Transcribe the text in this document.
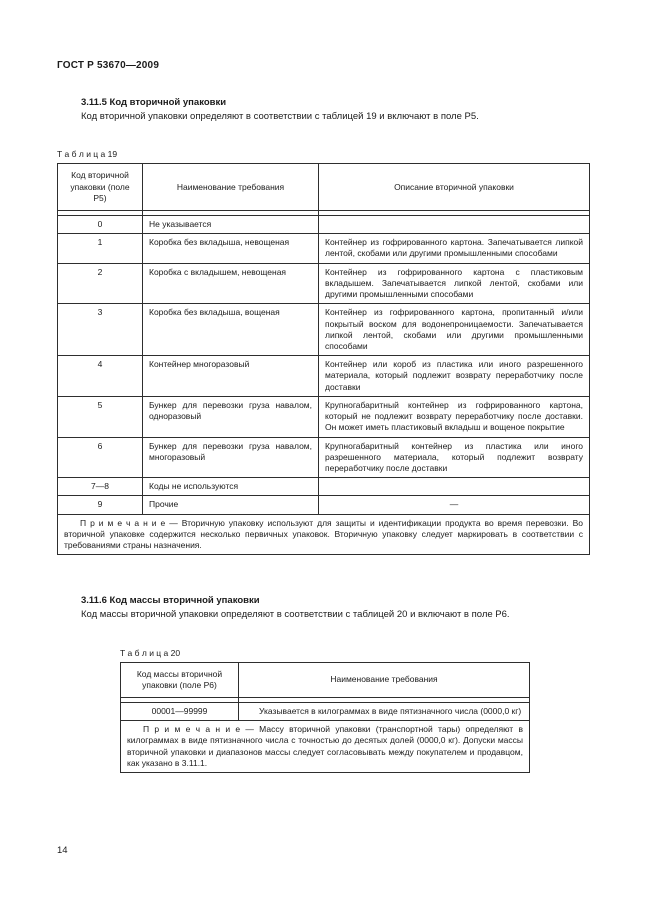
ГОСТ Р 53670—2009
3.11.5 Код вторичной упаковки
Код вторичной упаковки определяют в соответствии с таблицей 19 и включают в поле Р5.
Т а б л и ц а 19
Код вторичной упаковки (поле Р5)	Наименование требования	Описание вторичной упаковки

0	Не указывается	
1	Коробка без вкладыша, невощеная	Контейнер из гофрированного картона. Запечатывается липкой лентой, скобами или другими промышленными способами
2	Коробка с вкладышем, невощеная	Контейнер из гофрированного картона с пластиковым вкладышем. Запечатывается липкой лентой, скобами или другими промышленными способами
3	Коробка без вкладыша, вощеная	Контейнер из гофрированного картона, пропитанный и/или покрытый воском для водонепроницаемости. Запечатывается липкой лентой, скобами или другими промышленными способами
4	Контейнер многоразовый	Контейнер или короб из пластика или иного разрешенного материала, который подлежит возврату переработчику после доставки
5	Бункер для перевозки груза навалом, одноразовый	Крупногабаритный контейнер из гофрированного картона, который не подлежит возврату переработчику после доставки. Он может иметь пластиковый вкладыш и вощеное покрытие
6	Бункер для перевозки груза навалом, многоразовый	Крупногабаритный контейнер из пластика или иного разрешенного материала, который подлежит возврату переработчику после доставки
7—8	Коды не используются	
9	Прочие	—
П р и м е ч а н и е — Вторичную упаковку используют для защиты и идентификации продукта во время перевозки. Во вторичной упаковке содержится несколько первичных упаковок. Вторичную упаковку следует маркировать в соответствии с требованиями страны назначения.		
3.11.6 Код массы вторичной упаковки
Код массы вторичной упаковки определяют в соответствии с таблицей 20 и включают в поле Р6.
Т а б л и ц а 20
Код массы вторичной упаковки (поле Р6)	Наименование требования

00001—99999	Указывается в килограммах в виде пятизначного числа (0000,0 кг)
П р и м е ч а н и е — Массу вторичной упаковки (транспортной тары) определяют в килограммах в виде пятизначного числа с точностью до десятых долей (0000,0 кг). Допуски массы вторичной упаковки и диапазонов массы следует согласовывать между покупателем и продавцом, как указано в 3.11.1.	
14
